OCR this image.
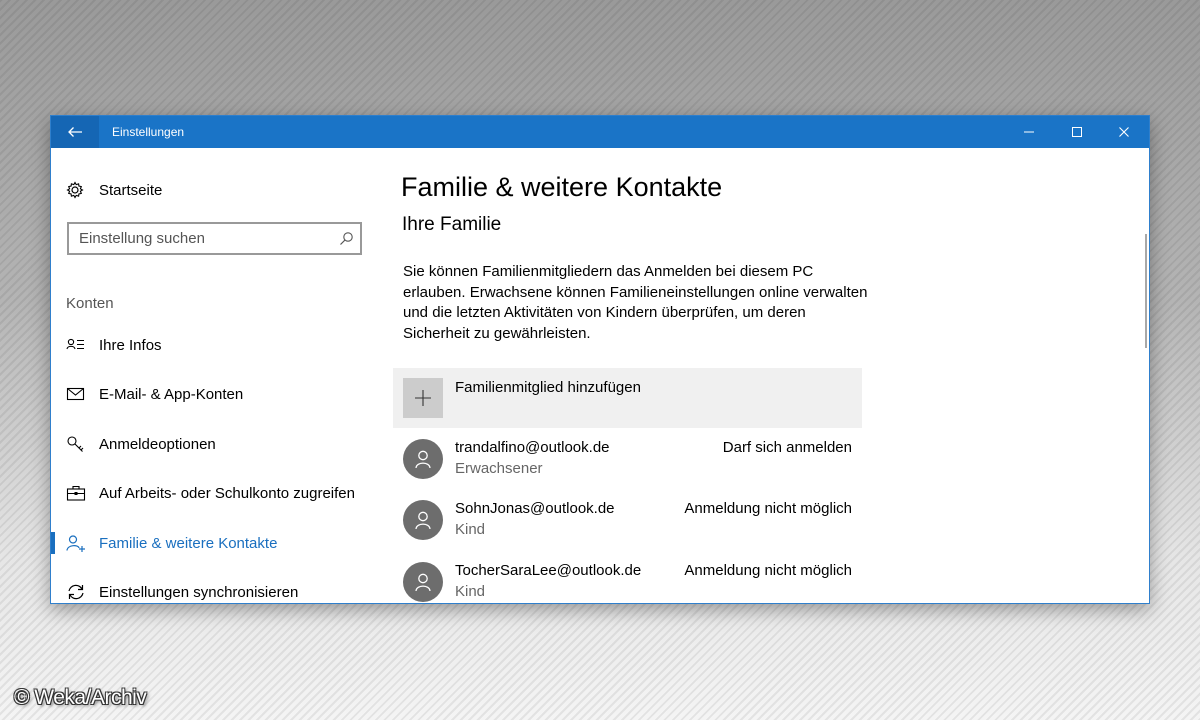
Einstellungen
Startseite
Einstellung suchen
Konten
Ihre Infos
E-Mail- & App-Konten
Anmeldeoptionen
Auf Arbeits- oder Schulkonto zugreifen
Familie & weitere Kontakte
Einstellungen synchronisieren
Familie & weitere Kontakte
Ihre Familie
Sie können Familienmitgliedern das Anmelden bei diesem PC erlauben. Erwachsene können Familieneinstellungen online verwalten und die letzten Aktivitäten von Kindern überprüfen, um deren Sicherheit zu gewährleisten.
Familienmitglied hinzufügen
trandalfino@outlook.de
Erwachsener
Darf sich anmelden
SohnJonas@outlook.de
Kind
Anmeldung nicht möglich
TocherSaraLee@outlook.de
Kind
Anmeldung nicht möglich
© Weka/Archiv
